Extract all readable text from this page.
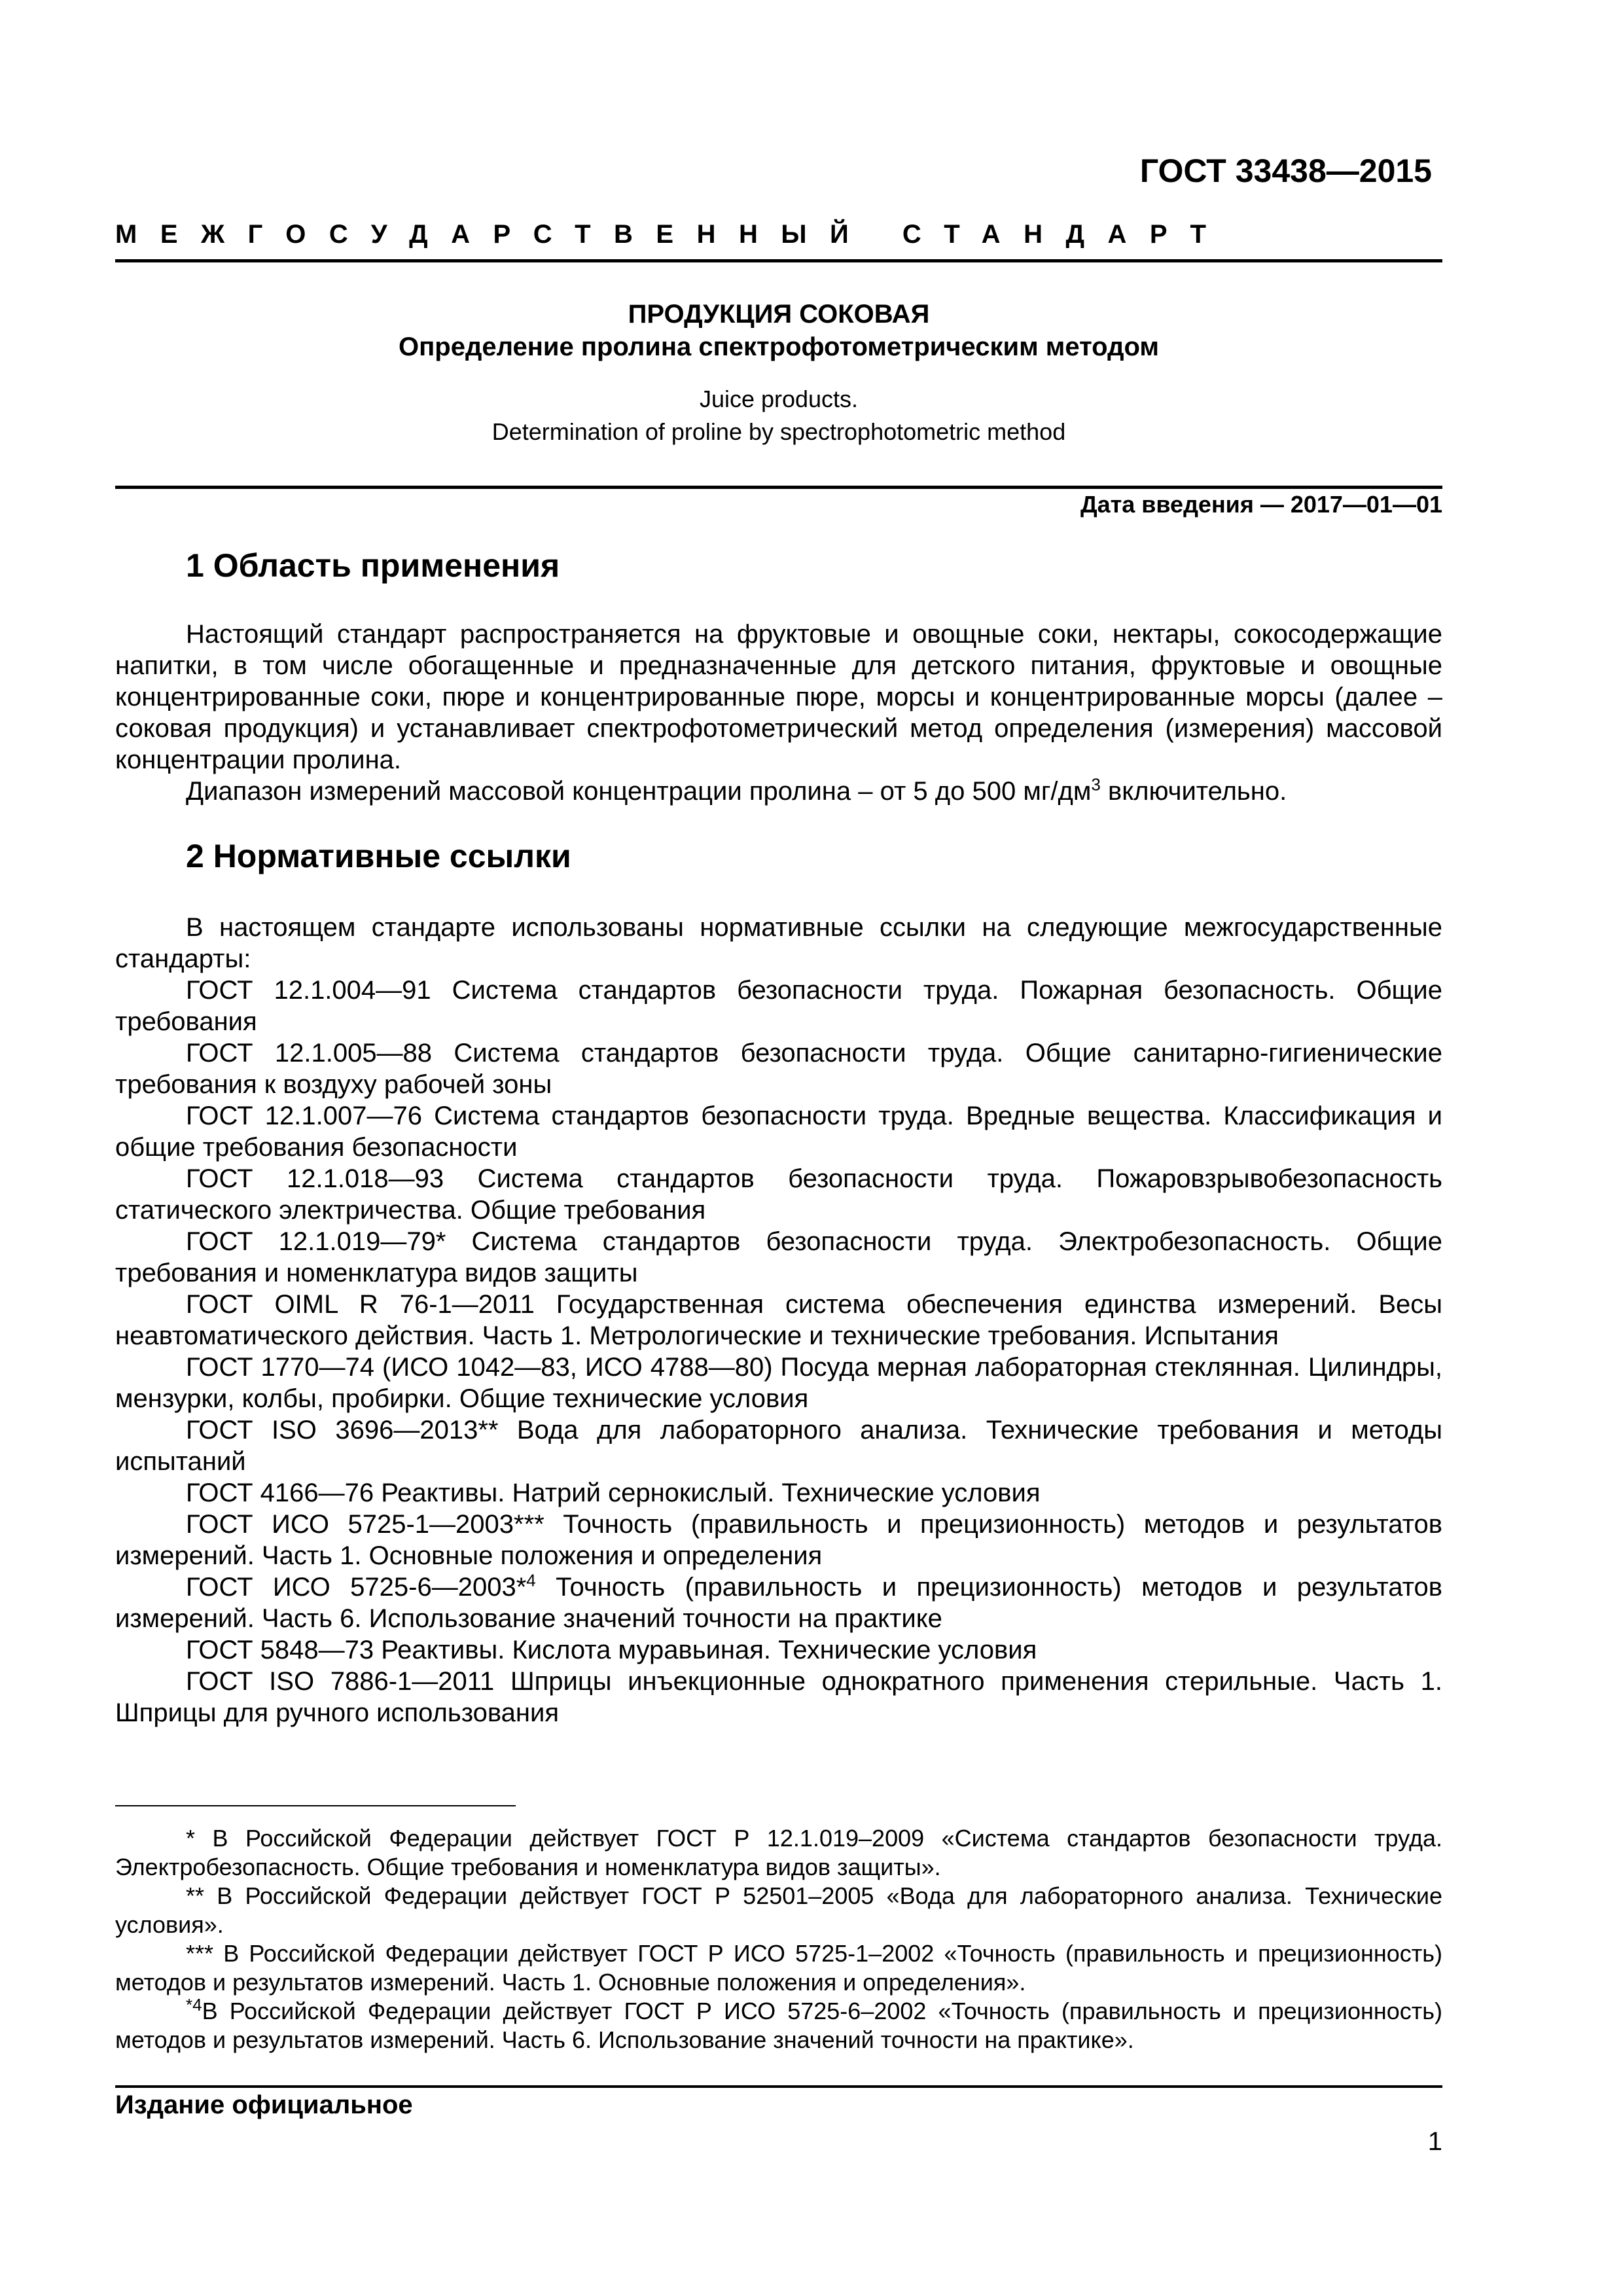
ГОСТ 33438—2015
МЕЖГОСУДАРСТВЕННЫЙ СТАНДАРТ
ПРОДУКЦИЯ СОКОВАЯ
Определение пролина спектрофотометрическим методом
Juice products.
Determination of proline by spectrophotometric method
Дата введения — 2017—01—01
1 Область применения

Настоящий стандарт распространяется на фруктовые и овощные соки, нектары, сокосодержащие напитки, в том числе обогащенные и предназначенные для детского питания, фруктовые и овощные концентрированные соки, пюре и концентрированные пюре, морсы и концентрированные морсы (далее – соковая продукция) и устанавливает спектрофотометрический метод определения (измерения) массовой концентрации пролина.

Диапазон измерений массовой концентрации пролина – от 5 до 500 $мг/дм^3$ включительно.

2 Нормативные ссылки

В настоящем стандарте использованы нормативные ссылки на следующие межгосударственные стандарты:

ГОСТ 12.1.004—91 Система стандартов безопасности труда. Пожарная безопасность. Общие требования

ГОСТ 12.1.005—88 Система стандартов безопасности труда. Общие санитарно-гигиенические требования к воздуху рабочей зоны

ГОСТ 12.1.007—76 Система стандартов безопасности труда. Вредные вещества. Классификация и общие требования безопасности

ГОСТ 12.1.018—93 Система стандартов безопасности труда. Пожаровзрывобезопасность статического электричества. Общие требования

ГОСТ 12.1.019—79* Система стандартов безопасности труда. Электробезопасность. Общие требования и номенклатура видов защиты

ГОСТ OIML R 76-1—2011 Государственная система обеспечения единства измерений. Весы неавтоматического действия. Часть 1. Метрологические и технические требования. Испытания

ГОСТ 1770—74 (ИСО 1042—83, ИСО 4788—80) Посуда мерная лабораторная стеклянная. Цилиндры, мензурки, колбы, пробирки. Общие технические условия

ГОСТ ISO 3696—2013** Вода для лабораторного анализа. Технические требования и методы испытаний

ГОСТ 4166—76 Реактивы. Натрий сернокислый. Технические условия

ГОСТ ИСО 5725-1—2003*** Точность (правильность и прецизионность) методов и результатов измерений. Часть 1. Основные положения и определения

ГОСТ ИСО 5725-6—2003*$^4$ Точность (правильность и прецизионность) методов и результатов измерений. Часть 6. Использование значений точности на практике

ГОСТ 5848—73 Реактивы. Кислота муравьиная. Технические условия

ГОСТ ISO 7886-1—2011 Шприцы инъекционные однократного применения стерильные. Часть 1. Шприцы для ручного использования

* В Российской Федерации действует ГОСТ Р 12.1.019–2009 «Система стандартов безопасности труда. Электробезопасность. Общие требования и номенклатура видов защиты».

** В Российской Федерации действует ГОСТ Р 52501–2005 «Вода для лабораторного анализа. Технические условия».

*** В Российской Федерации действует ГОСТ Р ИСО 5725-1–2002 «Точность (правильность и прецизионность) методов и результатов измерений. Часть 1. Основные положения и определения».

$^{*4}$В Российской Федерации действует ГОСТ Р ИСО 5725-6–2002 «Точность (правильность и прецизионность) методов и результатов измерений. Часть 6. Использование значений точности на практике».

Издание официальное
1
